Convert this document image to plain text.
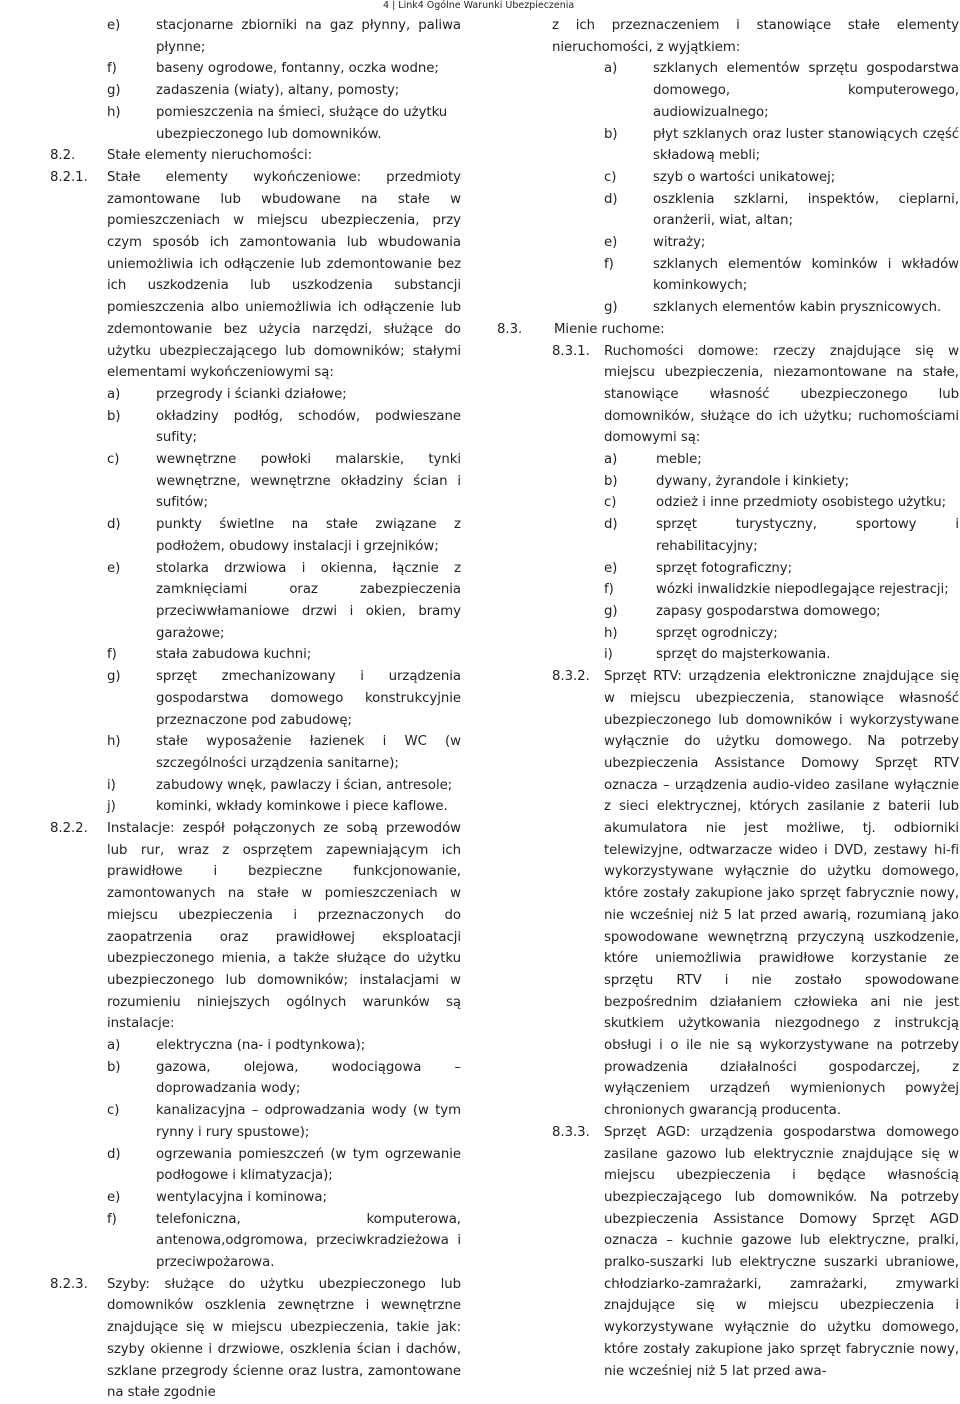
4 | Link4 Ogólne Warunki Ubezpieczenia
e)	stacjonarne zbiorniki na gaz płynny, paliwa płynne;
f)	baseny ogrodowe, fontanny, oczka wodne;
g)	zadaszenia (wiaty), altany, pomosty;
h)	pomieszczenia na śmieci, służące do użytku ubezpieczonego lub domowników.
8.2.	Stałe elementy nieruchomości:
8.2.1.	Stałe elementy wykończeniowe: przedmioty zamontowane lub wbudowane na stałe w pomieszczeniach w miejscu ubezpieczenia, przy czym sposób ich zamontowania lub wbudowania uniemożliwia ich odłączenie lub zdemontowanie bez ich uszkodzenia lub uszkodzenia substancji pomieszczenia albo uniemożliwia ich odłączenie lub zdemontowanie bez użycia narzędzi, służące do użytku ubezpieczającego lub domowników; stałymi elementami wykończeniowymi są:
a)	przegrody i ścianki działowe;
b)	okładziny podłóg, schodów, podwieszane sufity;
c)	wewnętrzne powłoki malarskie, tynki wewnętrzne, wewnętrzne okładziny ścian i sufitów;
d)	punkty świetlne na stałe związane z podłożem, obudowy instalacji i grzejników;
e)	stolarka drzwiowa i okienna, łącznie z zamknięciami oraz zabezpieczenia przeciwwłamaniowe drzwi i okien, bramy garażowe;
f)	stała zabudowa kuchni;
g)	sprzęt zmechanizowany i urządzenia gospodarstwa domowego konstrukcyjnie przeznaczone pod zabudowę;
h)	stałe wyposażenie łazienek i WC (w szczególności urządzenia sanitarne);
i)	zabudowy wnęk, pawlaczy i ścian, antresole;
j)	kominki, wkłady kominkowe i piece kaflowe.
8.2.2.	Instalacje: zespół połączonych ze sobą przewodów lub rur, wraz z osprzętem zapewniającym ich prawidłowe i bezpieczne funkcjonowanie, zamontowanych na stałe w pomieszczeniach w miejscu ubezpieczenia i przeznaczonych do zaopatrzenia oraz prawidłowej eksploatacji ubezpieczonego mienia, a także służące do użytku ubezpieczonego lub domowników; instalacjami w rozumieniu niniejszych ogólnych warunków są instalacje:
a)	elektryczna (na- i podtynkowa);
b)	gazowa, olejowa, wodociągowa – doprowadzania wody;
c)	kanalizacyjna – odprowadzania wody (w tym rynny i rury spustowe);
d)	ogrzewania pomieszczeń (w tym ogrzewanie podłogowe i klimatyzacja);
e)	wentylacyjna i kominowa;
f)	telefoniczna, komputerowa, antenowa,odgromowa, przeciwkradzieżowa i przeciwpożarowa.
8.2.3.	Szyby: służące do użytku ubezpieczonego lub domowników oszklenia zewnętrzne i wewnętrzne znajdujące się w miejscu ubezpieczenia, takie jak: szyby okienne i drzwiowe, oszklenia ścian i dachów, szklane przegrody ścienne oraz lustra, zamontowane na stałe zgodnie
z ich przeznaczeniem i stanowiące stałe elementy nieruchomości, z wyjątkiem:
a)	szklanych elementów sprzętu gospodarstwa domowego, komputerowego, audiowizualnego;
b)	płyt szklanych oraz luster stanowiących część składową mebli;
c)	szyb o wartości unikatowej;
d)	oszklenia szklarni, inspektów, cieplarni, oranżerii, wiat, altan;
e)	witraży;
f)	szklanych elementów kominków i wkładów kominkowych;
g)	szklanych elementów kabin prysznicowych.
8.3.	Mienie ruchome:
8.3.1.	Ruchomości domowe: rzeczy znajdujące się w miejscu ubezpieczenia, niezamontowane na stałe, stanowiące własność ubezpieczonego lub domowników, służące do ich użytku; ruchomościami domowymi są:
a)	meble;
b)	dywany, żyrandole i kinkiety;
c)	odzież i inne przedmioty osobistego użytku;
d)	sprzęt turystyczny, sportowy i rehabilitacyjny;
e)	sprzęt fotograficzny;
f)	wózki inwalidzkie niepodlegające rejestracji;
g)	zapasy gospodarstwa domowego;
h)	sprzęt ogrodniczy;
i)	sprzęt do majsterkowania.
8.3.2.	Sprzęt RTV: urządzenia elektroniczne znajdujące się w miejscu ubezpieczenia, stanowiące własność ubezpieczonego lub domowników i wykorzystywane wyłącznie do użytku domowego. Na potrzeby ubezpieczenia Assistance Domowy Sprzęt RTV oznacza – urządzenia audio-video zasilane wyłącznie z sieci elektrycznej, których zasilanie z baterii lub akumulatora nie jest możliwe, tj. odbiorniki telewizyjne, odtwarzacze wideo i DVD, zestawy hi-fi wykorzystywane wyłącznie do użytku domowego, które zostały zakupione jako sprzęt fabrycznie nowy, nie wcześniej niż 5 lat przed awarią, rozumianą jako spowodowane wewnętrzną przyczyną uszkodzenie, które uniemożliwia prawidłowe korzystanie ze sprzętu RTV i nie zostało spowodowane bezpośrednim działaniem człowieka ani nie jest skutkiem użytkowania niezgodnego z instrukcją obsługi i o ile nie są wykorzystywane na potrzeby prowadzenia działalności gospodarczej, z wyłączeniem urządzeń wymienionych powyżej chronionych gwarancją producenta.
8.3.3.	Sprzęt AGD: urządzenia gospodarstwa domowego zasilane gazowo lub elektrycznie znajdujące się w miejscu ubezpieczenia i będące własnością ubezpieczającego lub domowników. Na potrzeby ubezpieczenia Assistance Domowy Sprzęt AGD oznacza – kuchnie gazowe lub elektryczne, pralki, pralko-suszarki lub elektryczne suszarki ubraniowe, chłodziarko-zamrażarki, zamrażarki, zmywarki znajdujące się w miejscu ubezpieczenia i wykorzystywane wyłącznie do użytku domowego, które zostały zakupione jako sprzęt fabrycznie nowy, nie wcześniej niż 5 lat przed awa-
